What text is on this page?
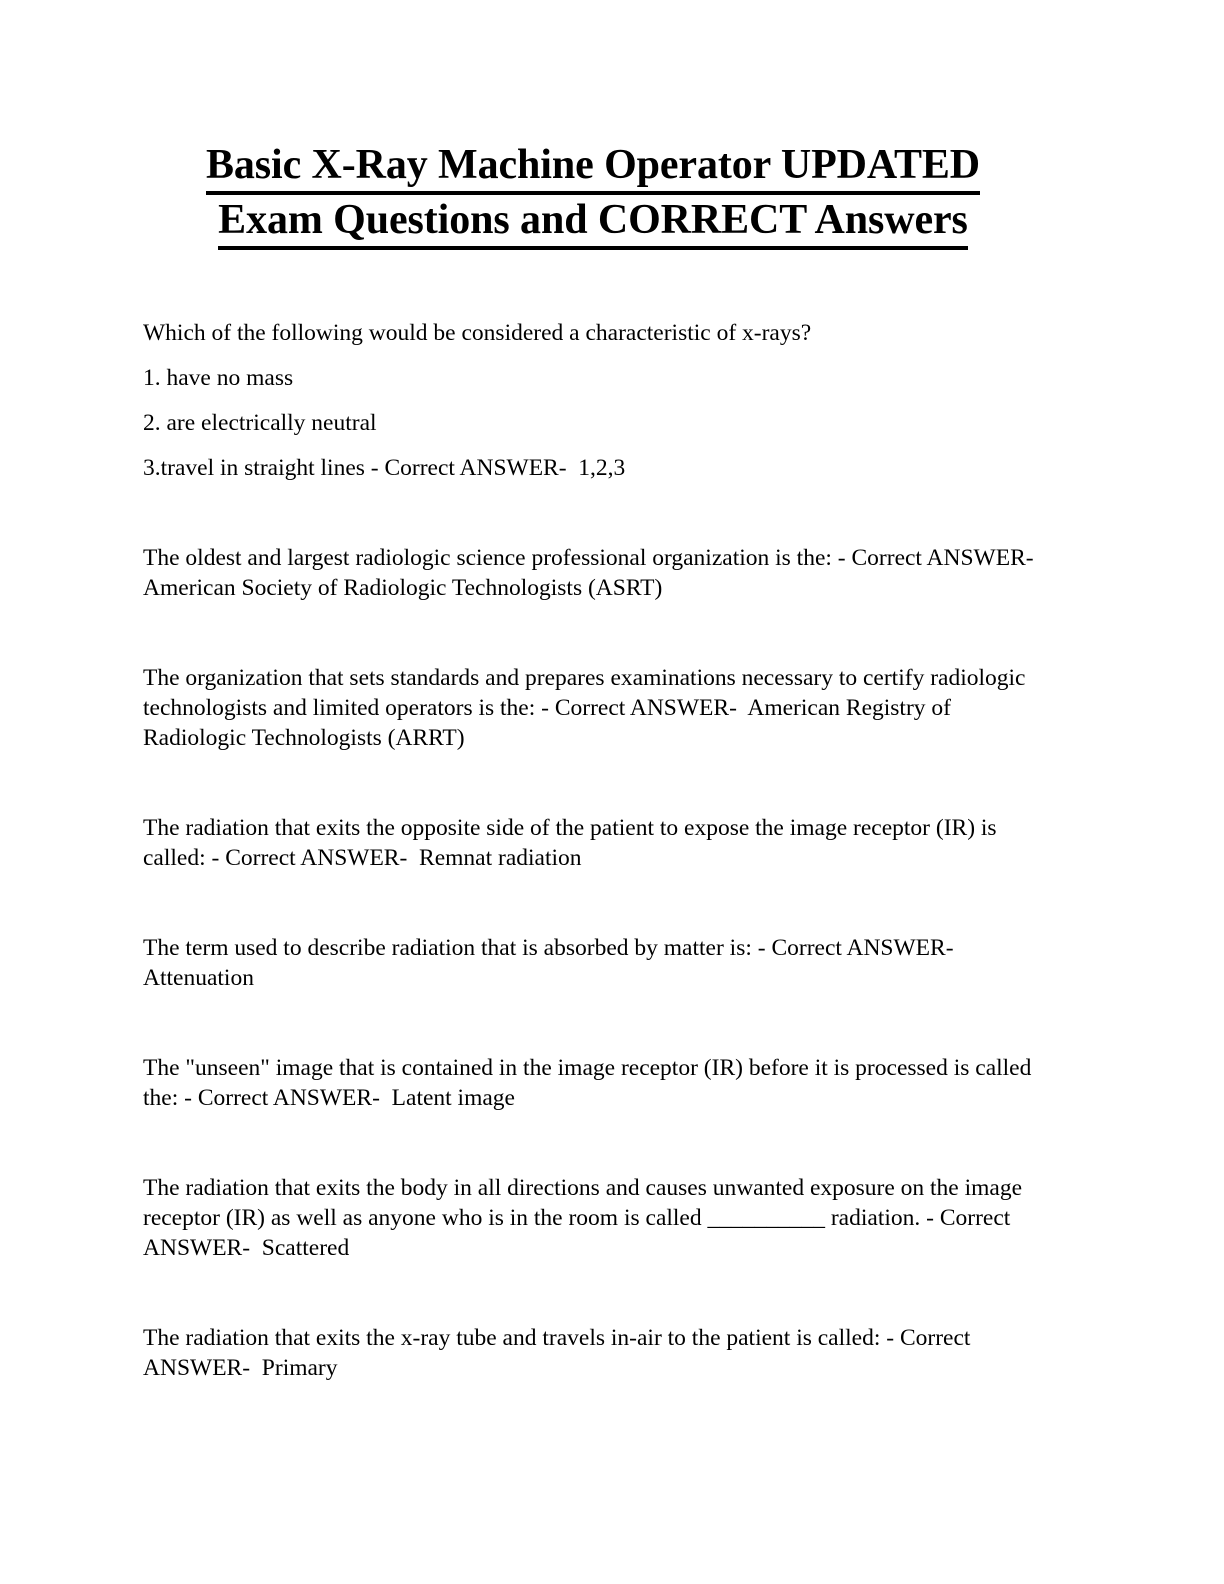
Basic X-Ray Machine Operator UPDATED
Exam Questions and CORRECT Answers

Which of the following would be considered a characteristic of x-rays?

1. have no mass

2. are electrically neutral

3.travel in straight lines - Correct ANSWER-  1,2,3

The oldest and largest radiologic science professional organization is the: - Correct ANSWER- American Society of Radiologic Technologists (ASRT)

The organization that sets standards and prepares examinations necessary to certify radiologic technologists and limited operators is the: - Correct ANSWER-  American Registry of Radiologic Technologists (ARRT)

The radiation that exits the opposite side of the patient to expose the image receptor (IR) is called: - Correct ANSWER-  Remnat radiation

The term used to describe radiation that is absorbed by matter is: - Correct ANSWER- Attenuation

The "unseen" image that is contained in the image receptor (IR) before it is processed is called the: - Correct ANSWER-  Latent image

The radiation that exits the body in all directions and causes unwanted exposure on the image receptor (IR) as well as anyone who is in the room is called __________ radiation. - Correct ANSWER-  Scattered

The radiation that exits the x-ray tube and travels in-air to the patient is called: - Correct ANSWER-  Primary
